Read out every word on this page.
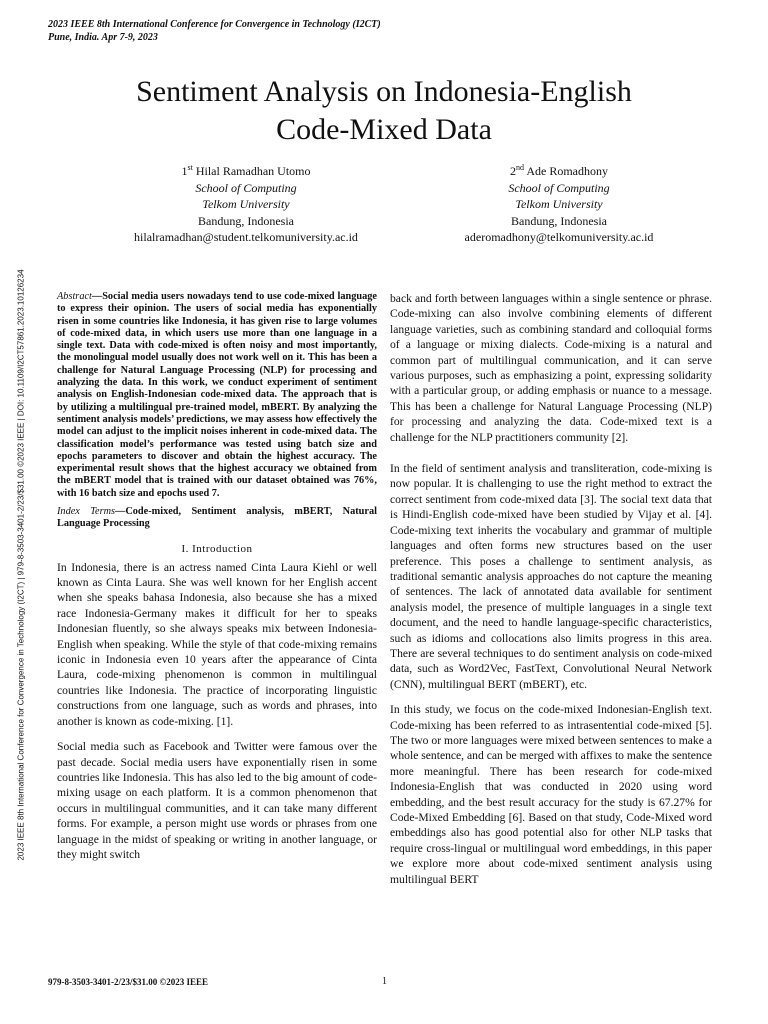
2023 IEEE 8th International Conference for Convergence in Technology (I2CT)
Pune, India. Apr 7-9, 2023
2023 IEEE 8th International Conference for Convergence in Technology (I2CT) | 979-8-3503-3401-2/23/$31.00 ©2023 IEEE | DOI: 10.1109/I2CT57861.2023.10126234
Sentiment Analysis on Indonesia-English
Code-Mixed Data
1st Hilal Ramadhan Utomo
School of Computing
Telkom University
Bandung, Indonesia
hilalramadhan@student.telkomuniversity.ac.id
2nd Ade Romadhony
School of Computing
Telkom University
Bandung, Indonesia
aderomadhony@telkomuniversity.ac.id

Abstract—Social media users nowadays tend to use code-mixed language to express their opinion. The users of social media has exponentially risen in some countries like Indonesia, it has given rise to large volumes of code-mixed data, in which users use more than one language in a single text. Data with code-mixed is often noisy and most importantly, the monolingual model usually does not work well on it. This has been a challenge for Natural Language Processing (NLP) for processing and analyzing the data. In this work, we conduct experiment of sentiment analysis on English-Indonesian code-mixed data. The approach that is by utilizing a multilingual pre-trained model, mBERT. By analyzing the sentiment analysis models’ predictions, we may assess how effectively the model can adjust to the implicit noises inherent in code-mixed data. The classification model’s performance was tested using batch size and epochs parameters to discover and obtain the highest accuracy. The experimental result shows that the highest accuracy we obtained from the mBERT model that is trained with our dataset obtained was 76%, with 16 batch size and epochs used 7.

Index Terms—Code-mixed, Sentiment analysis, mBERT, Natural Language Processing

I. Introduction

In Indonesia, there is an actress named Cinta Laura Kiehl or well known as Cinta Laura. She was well known for her English accent when she speaks bahasa Indonesia, also because she has a mixed race Indonesia-Germany makes it difficult for her to speaks Indonesian fluently, so she always speaks mix between Indonesia-English when speaking. While the style of that code-mixing remains iconic in Indonesia even 10 years after the appearance of Cinta Laura, code-mixing phenomenon is common in multilingual countries like Indonesia. The practice of incorporating linguistic constructions from one language, such as words and phrases, into another is known as code-mixing. [1].

Social media such as Facebook and Twitter were famous over the past decade. Social media users have exponentially risen in some countries like Indonesia. This has also led to the big amount of code-mixing usage on each platform. It is a common phenomenon that occurs in multilingual communities, and it can take many different forms. For example, a person might use words or phrases from one language in the midst of speaking or writing in another language, or they might switch

back and forth between languages within a single sentence or phrase. Code-mixing can also involve combining elements of different language varieties, such as combining standard and colloquial forms of a language or mixing dialects. Code-mixing is a natural and common part of multilingual communication, and it can serve various purposes, such as emphasizing a point, expressing solidarity with a particular group, or adding emphasis or nuance to a message. This has been a challenge for Natural Language Processing (NLP) for processing and analyzing the data. Code-mixed text is a challenge for the NLP practitioners community [2].

In the field of sentiment analysis and transliteration, code-mixing is now popular. It is challenging to use the right method to extract the correct sentiment from code-mixed data [3]. The social text data that is Hindi-English code-mixed have been studied by Vijay et al. [4]. Code-mixing text inherits the vocabulary and grammar of multiple languages and often forms new structures based on the user preference. This poses a challenge to sentiment analysis, as traditional semantic analysis approaches do not capture the meaning of sentences. The lack of annotated data available for sentiment analysis model, the presence of multiple languages in a single text document, and the need to handle language-specific characteristics, such as idioms and collocations also limits progress in this area. There are several techniques to do sentiment analysis on code-mixed data, such as Word2Vec, FastText, Convolutional Neural Network (CNN), multilingual BERT (mBERT), etc.

In this study, we focus on the code-mixed Indonesian-English text. Code-mixing has been referred to as intrasentential code-mixed [5]. The two or more languages were mixed between sentences to make a whole sentence, and can be merged with affixes to make the sentence more meaningful. There has been research for code-mixed Indonesia-English that was conducted in 2020 using word embedding, and the best result accuracy for the study is 67.27% for Code-Mixed Embedding [6]. Based on that study, Code-Mixed word embeddings also has good potential also for other NLP tasks that require cross-lingual or multilingual word embeddings, in this paper we explore more about code-mixed sentiment analysis using multilingual BERT

979-8-3503-3401-2/23/$31.00 ©2023 IEEE	1
